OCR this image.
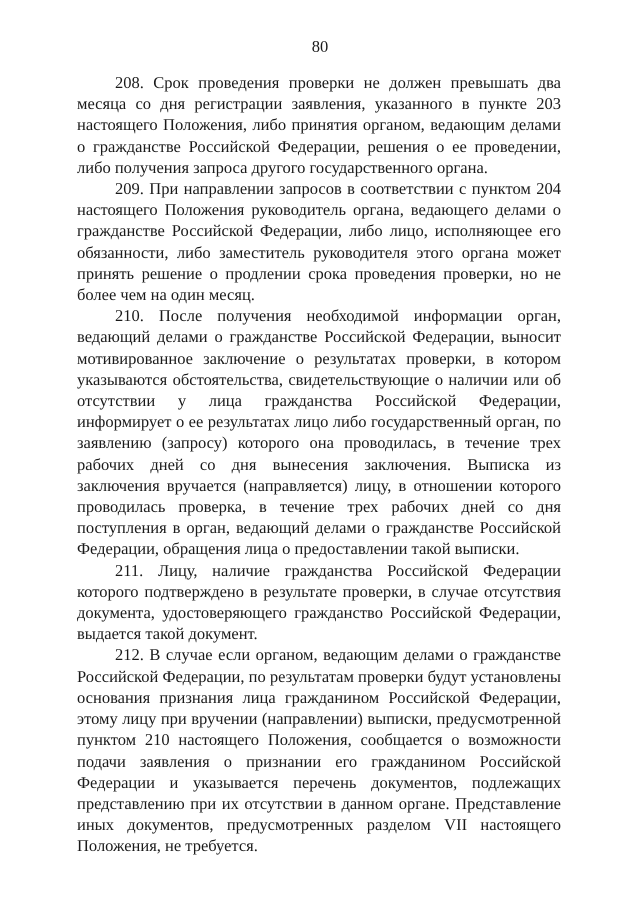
80

208. Срок проведения проверки не должен превышать два месяца со дня регистрации заявления, указанного в пункте 203 настоящего Положения, либо принятия органом, ведающим делами о гражданстве Российской Федерации, решения о ее проведении, либо получения запроса другого государственного органа.

209. При направлении запросов в соответствии с пунктом 204 настоящего Положения руководитель органа, ведающего делами о гражданстве Российской Федерации, либо лицо, исполняющее его обязанности, либо заместитель руководителя этого органа может принять решение о продлении срока проведения проверки, но не более чем на один месяц.

210. После получения необходимой информации орган, ведающий делами о гражданстве Российской Федерации, выносит мотивированное заключение о результатах проверки, в котором указываются обстоятельства, свидетельствующие о наличии или об отсутствии у лица гражданства Российской Федерации, информирует о ее результатах лицо либо государственный орган, по заявлению (запросу) которого она проводилась, в течение трех рабочих дней со дня вынесения заключения. Выписка из заключения вручается (направляется) лицу, в отношении которого проводилась проверка, в течение трех рабочих дней со дня поступления в орган, ведающий делами о гражданстве Российской Федерации, обращения лица о предоставлении такой выписки.

211. Лицу, наличие гражданства Российской Федерации которого подтверждено в результате проверки, в случае отсутствия документа, удостоверяющего гражданство Российской Федерации, выдается такой документ.

212. В случае если органом, ведающим делами о гражданстве Российской Федерации, по результатам проверки будут установлены основания признания лица гражданином Российской Федерации, этому лицу при вручении (направлении) выписки, предусмотренной пунктом 210 настоящего Положения, сообщается о возможности подачи заявления о признании его гражданином Российской Федерации и указывается перечень документов, подлежащих представлению при их отсутствии в данном органе. Представление иных документов, предусмотренных разделом VII настоящего Положения, не требуется.
